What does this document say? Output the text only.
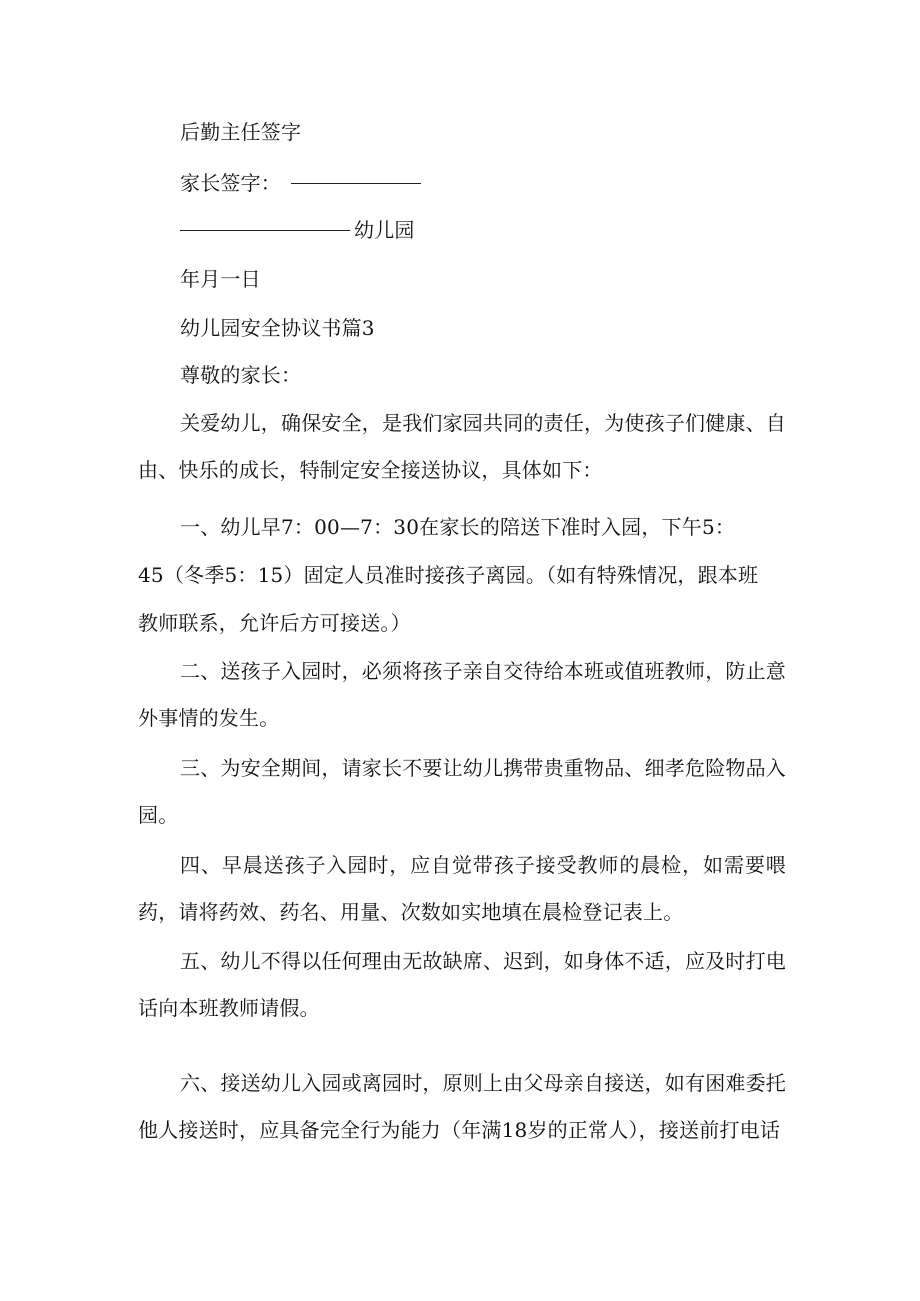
后勤主任签字
家长签字：
幼儿园
年月一日
幼儿园安全协议书篇3
尊敬的家长：
关爱幼儿，确保安全，是我们家园共同的责任，为使孩子们健康、自由、快乐的成长，特制定安全接送协议，具体如下：
一、幼儿早7：00—7：30在家长的陪送下准时入园，下午5：
45（冬季5：15）固定人员准时接孩子离园。（如有特殊情况，跟本班
教师联系，允许后方可接送。）
二、送孩子入园时，必须将孩子亲自交待给本班或值班教师，防止意外事情的发生。
三、为安全期间，请家长不要让幼儿携带贵重物品、细孝危险物品入园。
四、早晨送孩子入园时，应自觉带孩子接受教师的晨检，如需要喂药，请将药效、药名、用量、次数如实地填在晨检登记表上。
五、幼儿不得以任何理由无故缺席、迟到，如身体不适，应及时打电话向本班教师请假。
六、接送幼儿入园或离园时，原则上由父母亲自接送，如有困难委托他人接送时，应具备完全行为能力（年满18岁的正常人），接送前打电话
